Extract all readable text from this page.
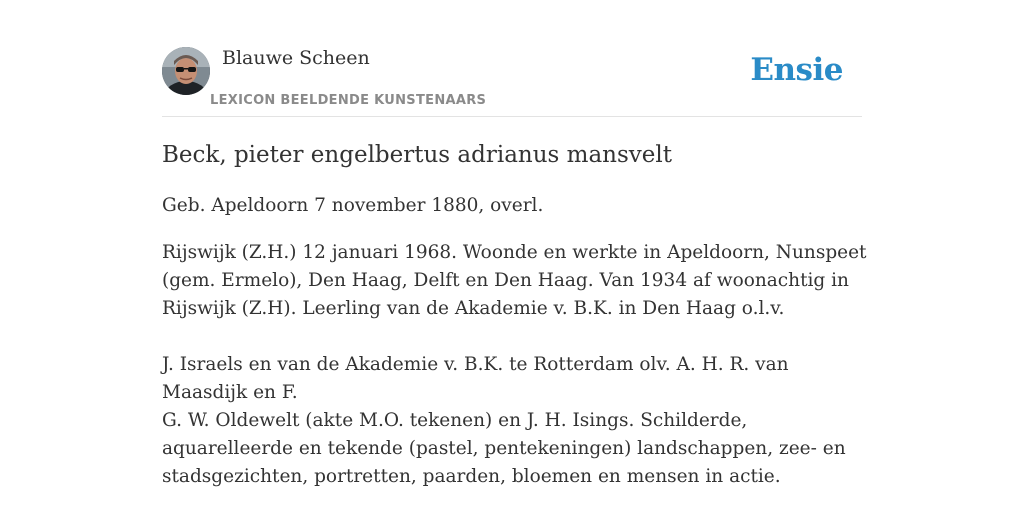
Blauwe Scheen
LEXICON BEELDENDE KUNSTENAARS
Ensie
Beck, pieter engelbertus adrianus mansvelt

Geb. Apeldoorn 7 november 1880, overl.

Rijswijk (Z.H.) 12 januari 1968. Woonde en werkte in Apeldoorn, Nunspeet (gem. Ermelo), Den Haag, Delft en Den Haag. Van 1934 af woonachtig in Rijswijk (Z.H). Leerling van de Akademie v. B.K. in Den Haag o.l.v.

J. Israels en van de Akademie v. B.K. te Rotterdam olv. A. H. R. van Maasdijk en F.

G. W. Oldewelt (akte M.O. tekenen) en J. H. Isings. Schilderde, aquarelleerde en tekende (pastel, pentekeningen) landschappen, zee- en stadsgezichten, portretten, paarden, bloemen en mensen in actie.
